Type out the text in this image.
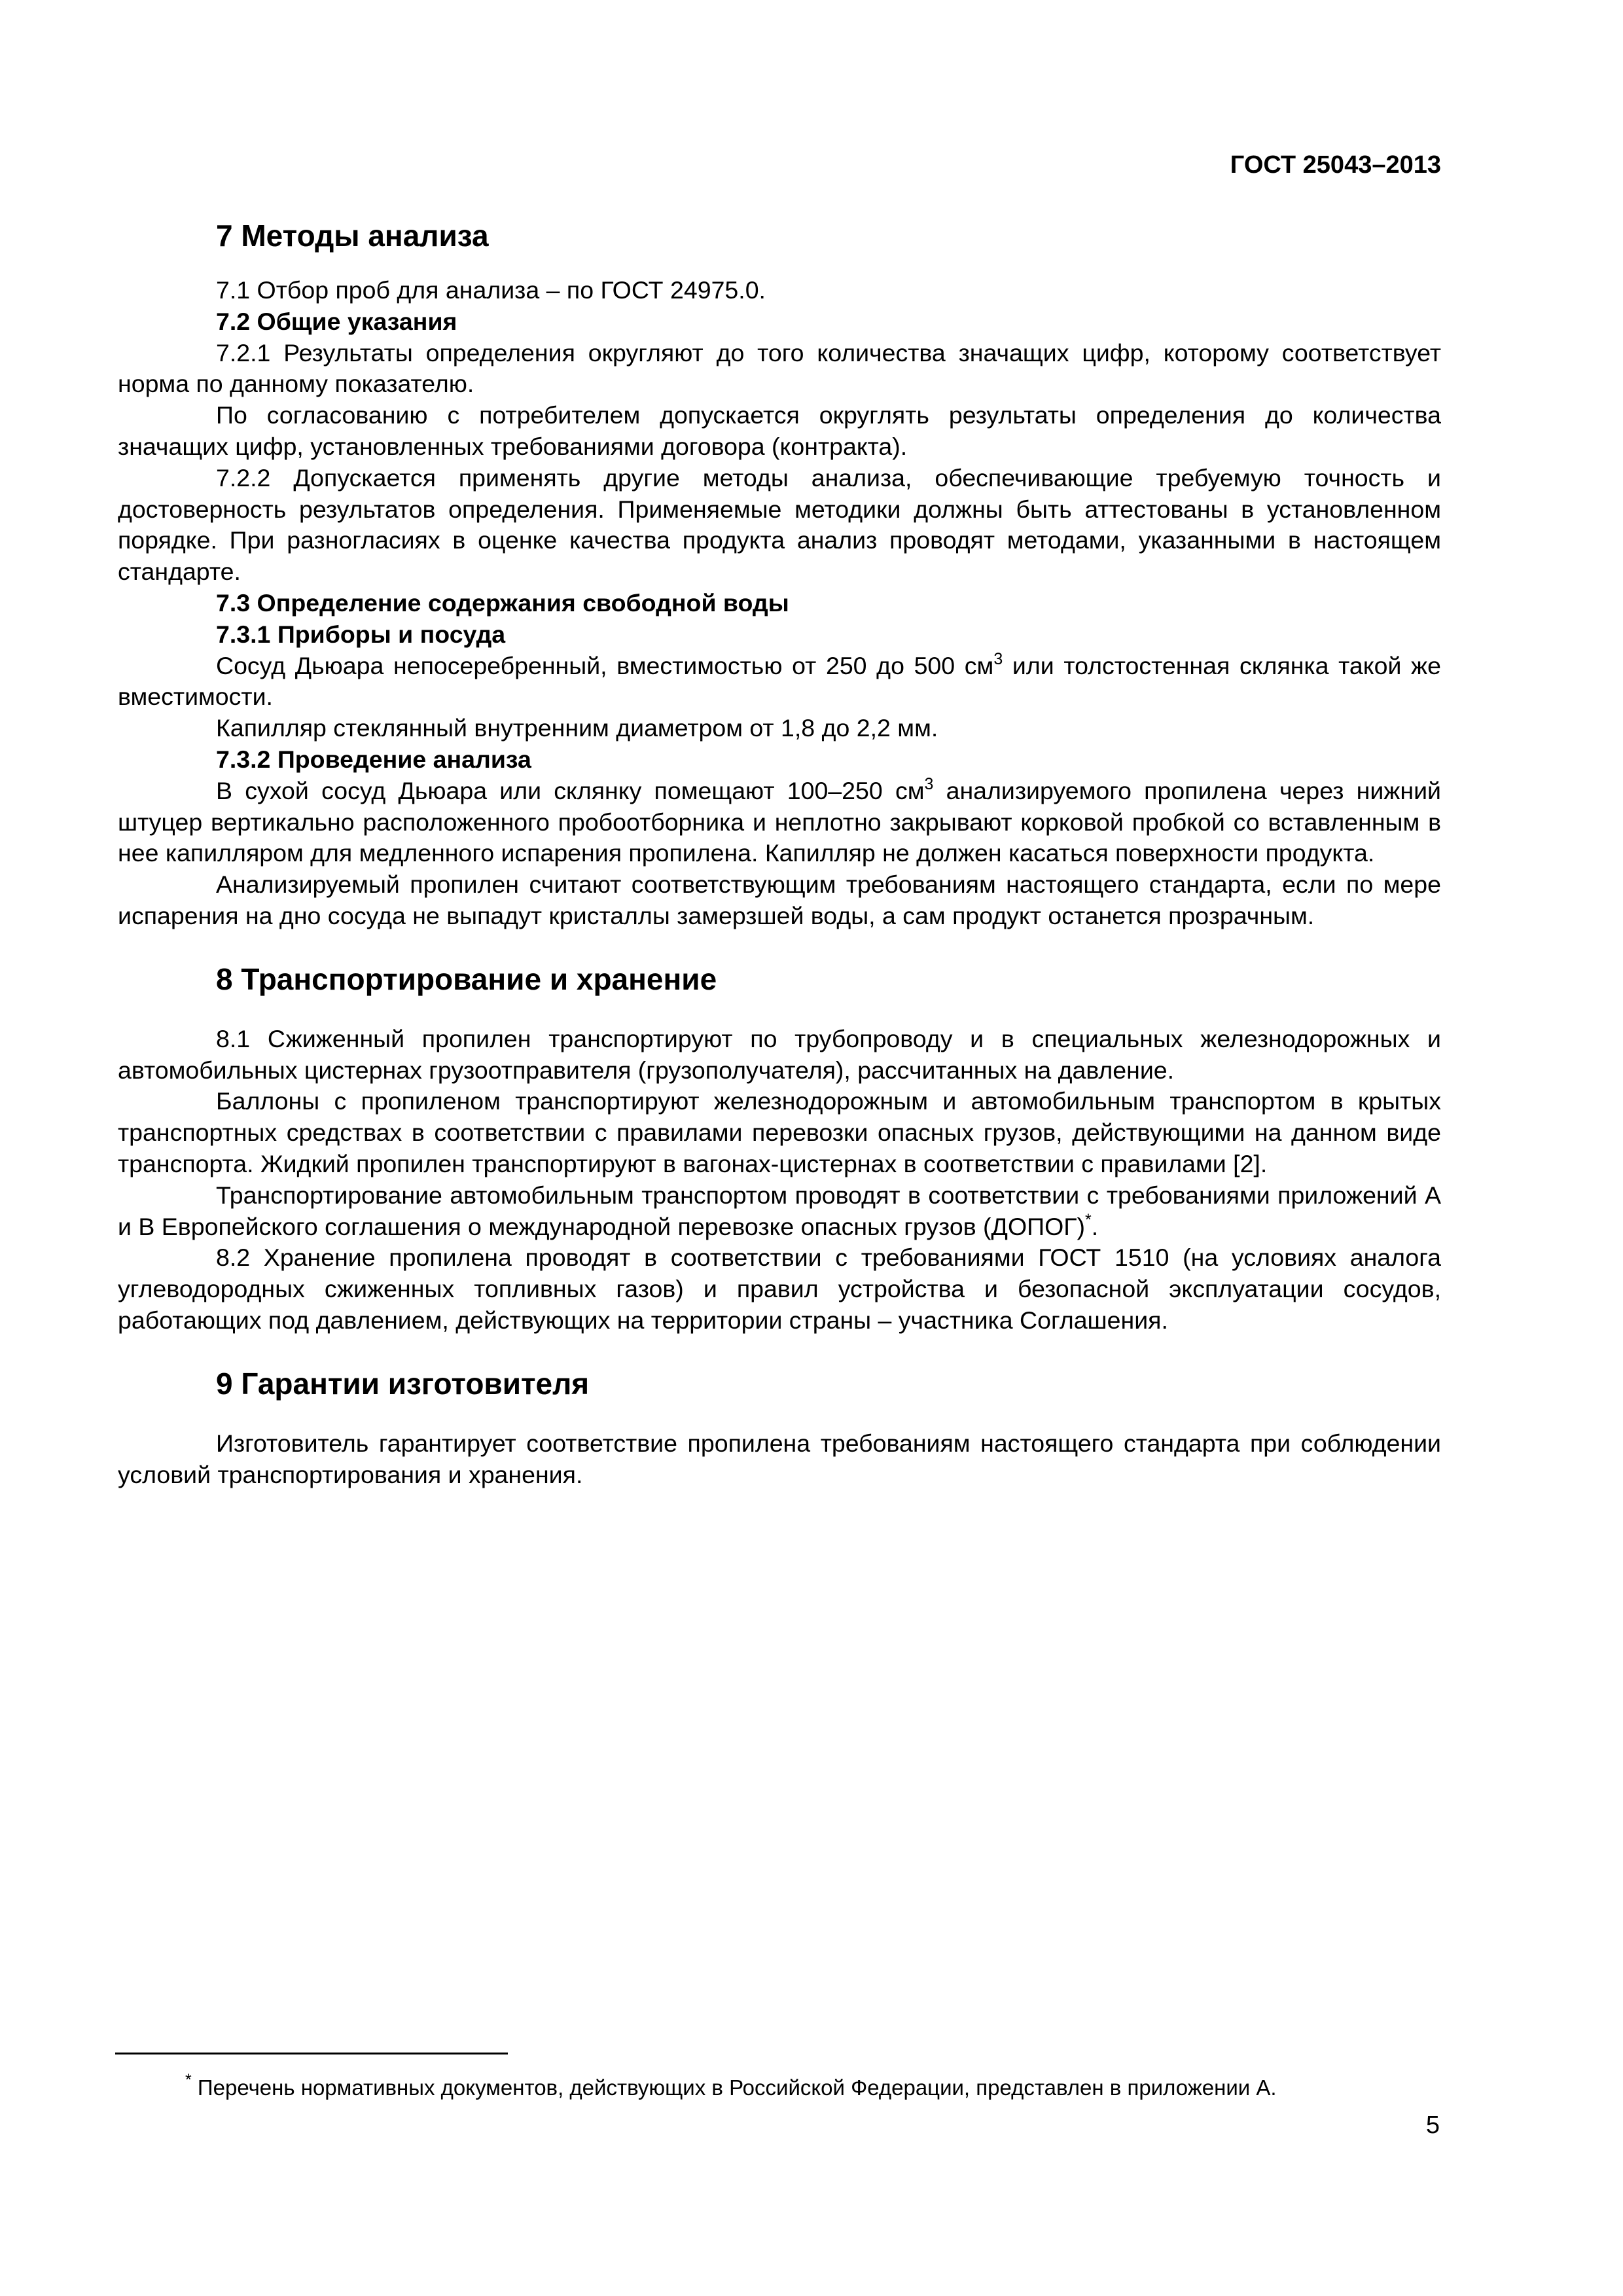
ГОСТ 25043–2013
7 Методы анализа

7.1 Отбор проб для анализа – по ГОСТ 24975.0.

7.2 Общие указания

7.2.1 Результаты определения округляют до того количества значащих цифр, которому соответствует норма по данному показателю.

По согласованию с потребителем допускается округлять результаты определения до количества значащих цифр, установленных требованиями договора (контракта).

7.2.2 Допускается применять другие методы анализа, обеспечивающие требуемую точность и достоверность результатов определения. Применяемые методики должны быть аттестованы в установленном порядке. При разногласиях в оценке качества продукта анализ проводят методами, указанными в настоящем стандарте.

7.3 Определение содержания свободной воды

7.3.1 Приборы и посуда

Сосуд Дьюара непосеребренный, вместимостью от 250 до 500 $см^3$ или толстостенная склянка такой же вместимости.

Капилляр стеклянный внутренним диаметром от 1,8 до 2,2 мм.

7.3.2 Проведение анализа

В сухой сосуд Дьюара или склянку помещают 100–250 $см^3$ анализируемого пропилена через нижний штуцер вертикально расположенного пробоотборника и неплотно закрывают корковой пробкой со вставленным в нее капилляром для медленного испарения пропилена. Капилляр не должен касаться поверхности продукта.

Анализируемый пропилен считают соответствующим требованиям настоящего стандарта, если по мере испарения на дно сосуда не выпадут кристаллы замерзшей воды, а сам продукт останется прозрачным.

8 Транспортирование и хранение

8.1 Сжиженный пропилен транспортируют по трубопроводу и в специальных железнодорожных и автомобильных цистернах грузоотправителя (грузополучателя), рассчитанных на давление.

Баллоны с пропиленом транспортируют железнодорожным и автомобильным транспортом в крытых транспортных средствах в соответствии с правилами перевозки опасных грузов, действующими на данном виде транспорта. Жидкий пропилен транспортируют в вагонах-цистернах в соответствии с правилами [2].

Транспортирование автомобильным транспортом проводят в соответствии с требованиями приложений А и В Европейского соглашения о международной перевозке опасных грузов (ДОПОГ)*.

8.2 Хранение пропилена проводят в соответствии с требованиями ГОСТ 1510 (на условиях аналога углеводородных сжиженных топливных газов) и правил устройства и безопасной эксплуатации сосудов, работающих под давлением, действующих на территории страны – участника Соглашения.

9 Гарантии изготовителя

Изготовитель гарантирует соответствие пропилена требованиям настоящего стандарта при соблюдении условий транспортирования и хранения.

* Перечень нормативных документов, действующих в Российской Федерации, представлен в приложении А.
5
